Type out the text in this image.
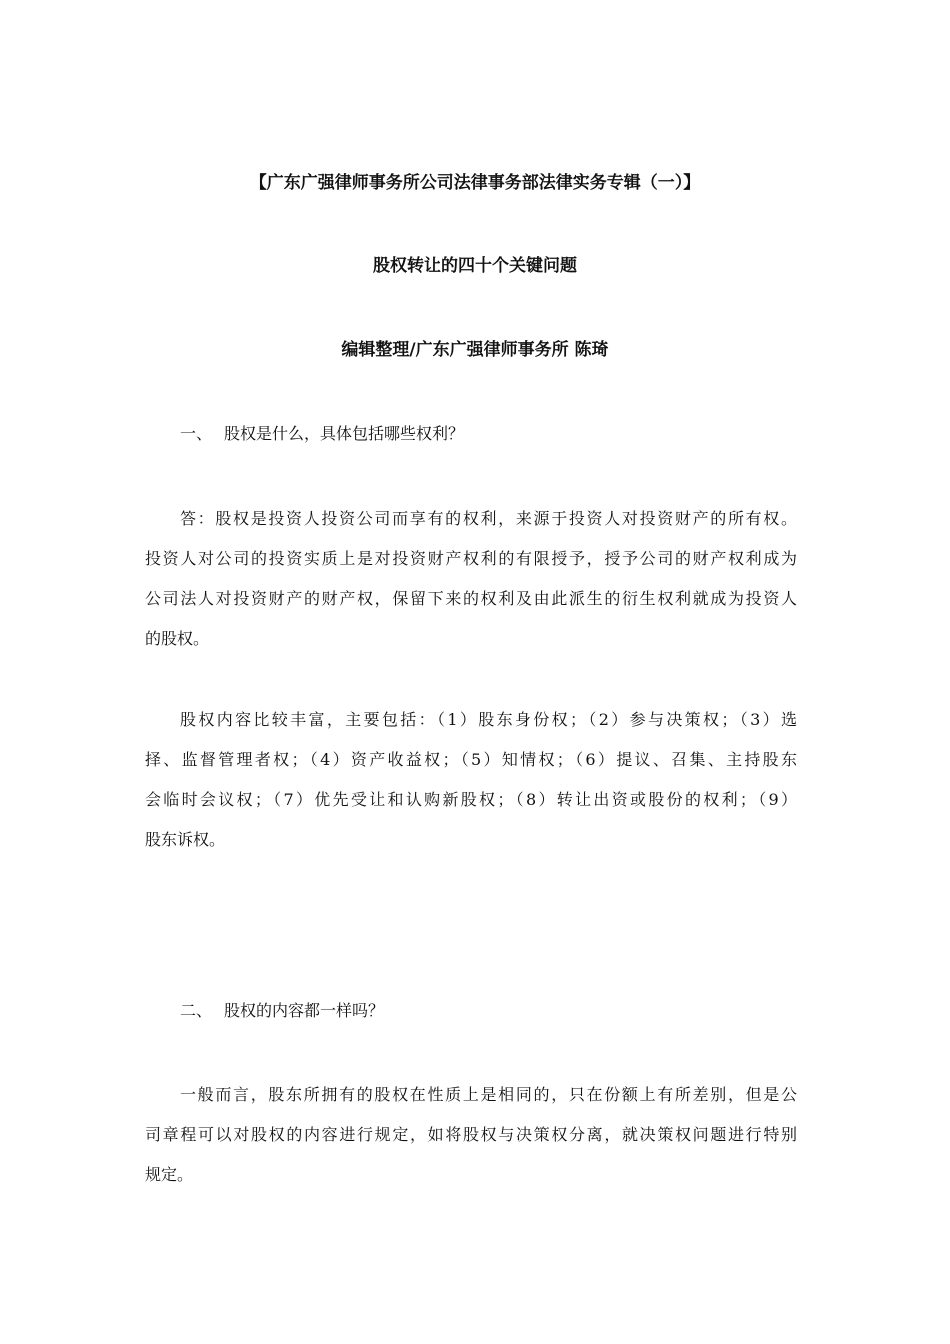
【广东广强律师事务所公司法律事务部法律实务专辑（一）】
股权转让的四十个关键问题
编辑整理/广东广强律师事务所 陈琦
一、 股权是什么，具体包括哪些权利？
答：股权是投资人投资公司而享有的权利，来源于投资人对投资财产的所有权。
投资人对公司的投资实质上是对投资财产权利的有限授予，授予公司的财产权利成为
公司法人对投资财产的财产权，保留下来的权利及由此派生的衍生权利就成为投资人
的股权。
股权内容比较丰富，主要包括：（1）股东身份权；（2）参与决策权；（3）选
择、监督管理者权；（4）资产收益权；（5）知情权；（6）提议、召集、主持股东
会临时会议权；（7）优先受让和认购新股权；（8）转让出资或股份的权利；（9）
股东诉权。
二、 股权的内容都一样吗？
一般而言，股东所拥有的股权在性质上是相同的，只在份额上有所差别，但是公
司章程可以对股权的内容进行规定，如将股权与决策权分离，就决策权问题进行特别
规定。
